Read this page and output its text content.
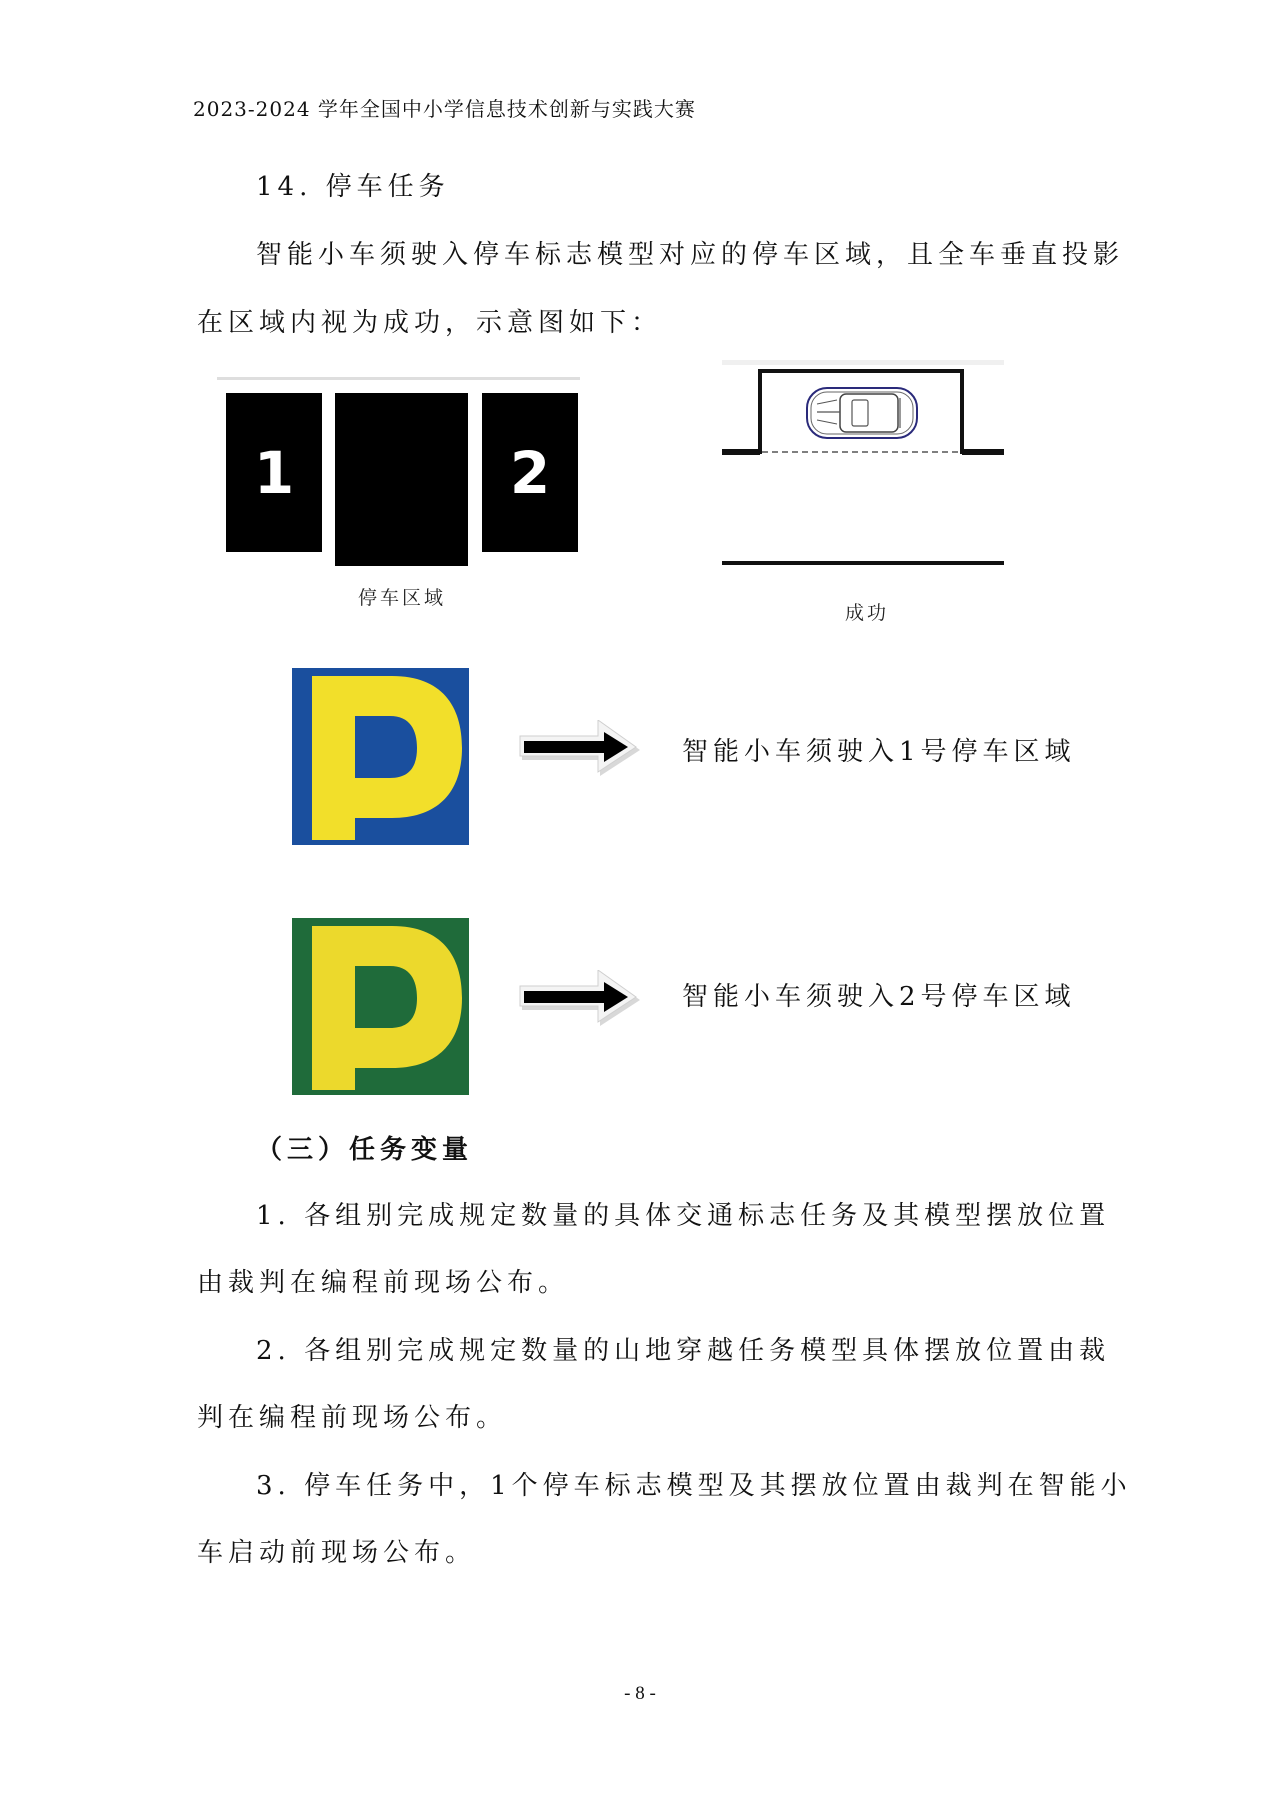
2023-2024 学年全国中小学信息技术创新与实践大赛
14. 停车任务
智能小车须驶入停车标志模型对应的停车区域，且全车垂直投影
在区域内视为成功，示意图如下：
1	2
停车区域
成功
智能小车须驶入1号停车区域
智能小车须驶入2号停车区域
（三）任务变量
1. 各组别完成规定数量的具体交通标志任务及其模型摆放位置
由裁判在编程前现场公布。
2. 各组别完成规定数量的山地穿越任务模型具体摆放位置由裁
判在编程前现场公布。
3. 停车任务中，1个停车标志模型及其摆放位置由裁判在智能小
车启动前现场公布。
- 8 -
